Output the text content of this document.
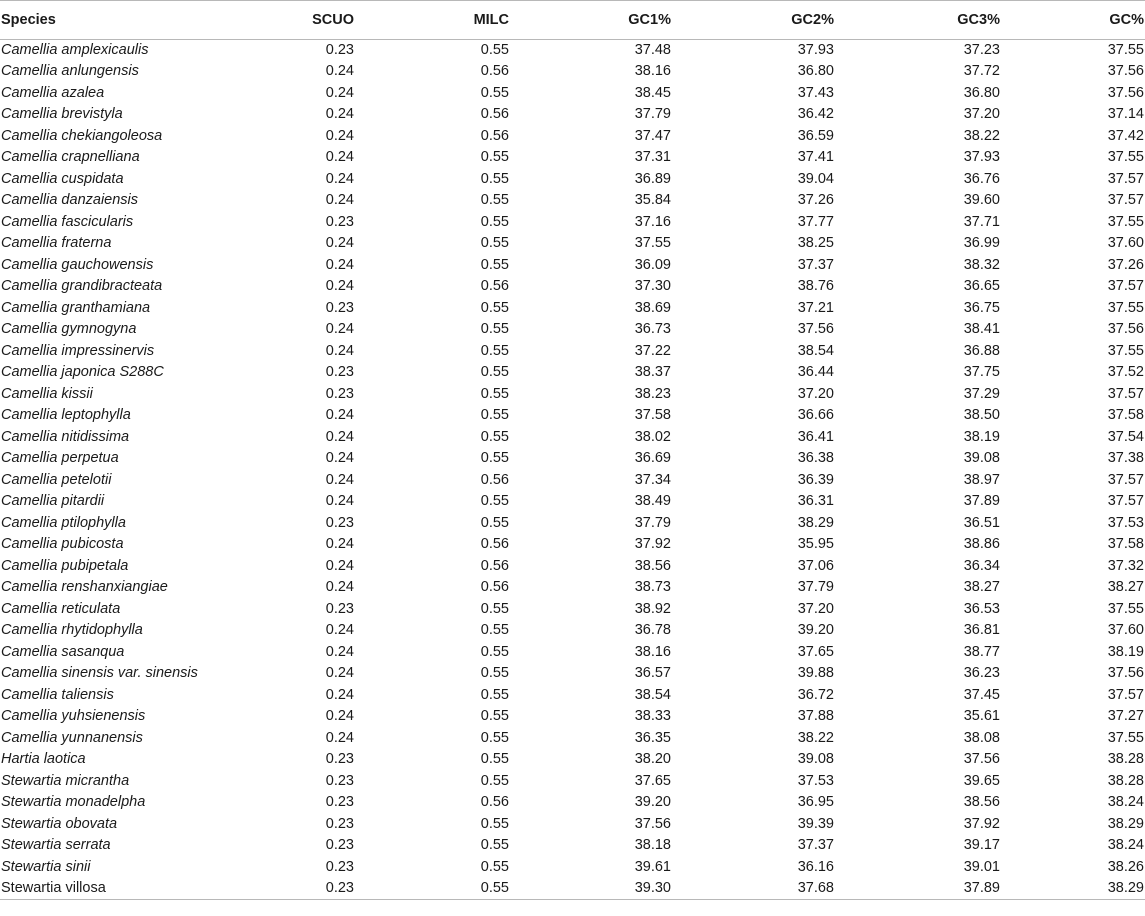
Species	SCUO	MILC	GC1%	GC2%	GC3%	GC%
Camellia amplexicaulis	0.23	0.55	37.48	37.93	37.23	37.55
Camellia anlungensis	0.24	0.56	38.16	36.80	37.72	37.56
Camellia azalea	0.24	0.55	38.45	37.43	36.80	37.56
Camellia brevistyla	0.24	0.56	37.79	36.42	37.20	37.14
Camellia chekiangoleosa	0.24	0.56	37.47	36.59	38.22	37.42
Camellia crapnelliana	0.24	0.55	37.31	37.41	37.93	37.55
Camellia cuspidata	0.24	0.55	36.89	39.04	36.76	37.57
Camellia danzaiensis	0.24	0.55	35.84	37.26	39.60	37.57
Camellia fascicularis	0.23	0.55	37.16	37.77	37.71	37.55
Camellia fraterna	0.24	0.55	37.55	38.25	36.99	37.60
Camellia gauchowensis	0.24	0.55	36.09	37.37	38.32	37.26
Camellia grandibracteata	0.24	0.56	37.30	38.76	36.65	37.57
Camellia granthamiana	0.23	0.55	38.69	37.21	36.75	37.55
Camellia gymnogyna	0.24	0.55	36.73	37.56	38.41	37.56
Camellia impressinervis	0.24	0.55	37.22	38.54	36.88	37.55
Camellia japonica S288C	0.23	0.55	38.37	36.44	37.75	37.52
Camellia kissii	0.23	0.55	38.23	37.20	37.29	37.57
Camellia leptophylla	0.24	0.55	37.58	36.66	38.50	37.58
Camellia nitidissima	0.24	0.55	38.02	36.41	38.19	37.54
Camellia perpetua	0.24	0.55	36.69	36.38	39.08	37.38
Camellia petelotii	0.24	0.56	37.34	36.39	38.97	37.57
Camellia pitardii	0.24	0.55	38.49	36.31	37.89	37.57
Camellia ptilophylla	0.23	0.55	37.79	38.29	36.51	37.53
Camellia pubicosta	0.24	0.56	37.92	35.95	38.86	37.58
Camellia pubipetala	0.24	0.56	38.56	37.06	36.34	37.32
Camellia renshanxiangiae	0.24	0.56	38.73	37.79	38.27	38.27
Camellia reticulata	0.23	0.55	38.92	37.20	36.53	37.55
Camellia rhytidophylla	0.24	0.55	36.78	39.20	36.81	37.60
Camellia sasanqua	0.24	0.55	38.16	37.65	38.77	38.19
Camellia sinensis var. sinensis	0.24	0.55	36.57	39.88	36.23	37.56
Camellia taliensis	0.24	0.55	38.54	36.72	37.45	37.57
Camellia yuhsienensis	0.24	0.55	38.33	37.88	35.61	37.27
Camellia yunnanensis	0.24	0.55	36.35	38.22	38.08	37.55
Hartia laotica	0.23	0.55	38.20	39.08	37.56	38.28
Stewartia micrantha	0.23	0.55	37.65	37.53	39.65	38.28
Stewartia monadelpha	0.23	0.56	39.20	36.95	38.56	38.24
Stewartia obovata	0.23	0.55	37.56	39.39	37.92	38.29
Stewartia serrata	0.23	0.55	38.18	37.37	39.17	38.24
Stewartia sinii	0.23	0.55	39.61	36.16	39.01	38.26
Stewartia villosa	0.23	0.55	39.30	37.68	37.89	38.29
